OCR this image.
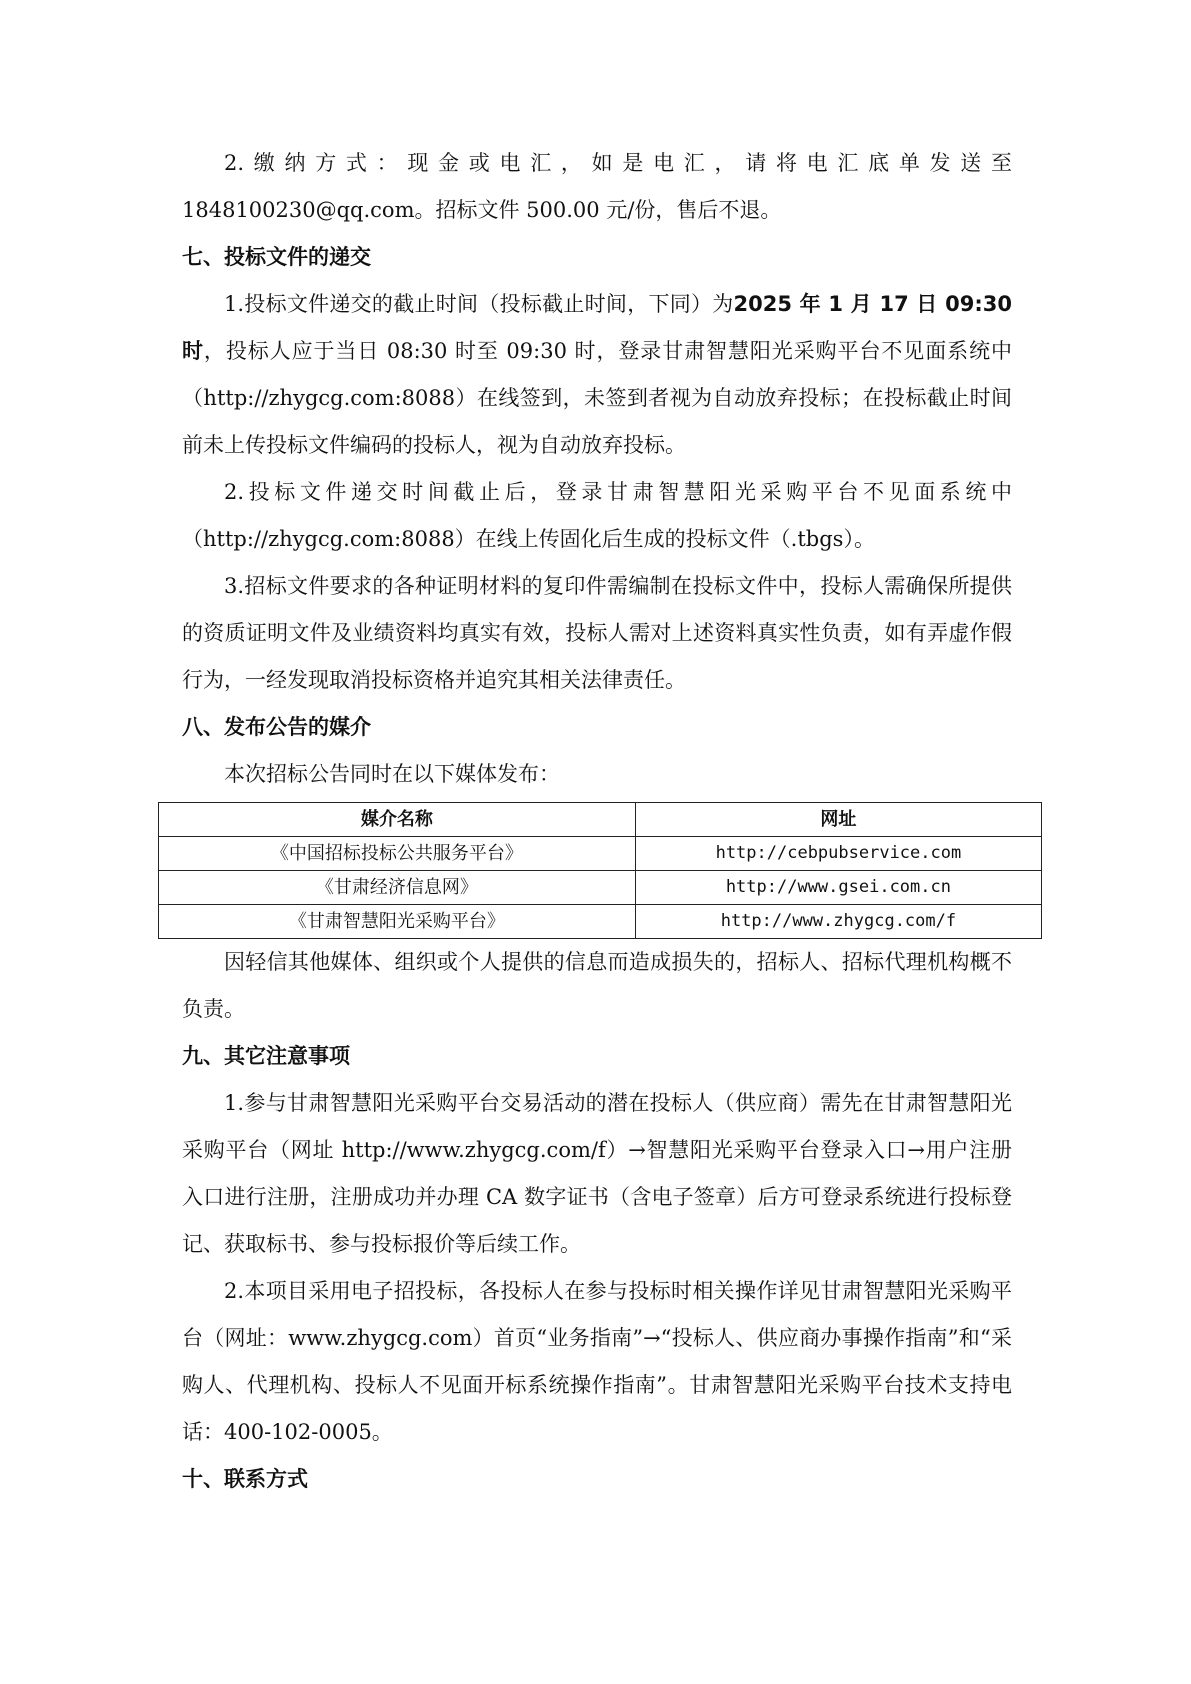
2.缴纳方式：现金或电汇，如是电汇，请将电汇底单发送至 1848100230@qq.com。招标文件 500.00 元/份，售后不退。

七、投标文件的递交

1.投标文件递交的截止时间（投标截止时间，下同）为2025 年 1 月 17 日 09:30 时，投标人应于当日 08:30 时至 09:30 时，登录甘肃智慧阳光采购平台不见面系统中（http://zhygcg.com:8088）在线签到，未签到者视为自动放弃投标；在投标截止时间前未上传投标文件编码的投标人，视为自动放弃投标。

2.投标文件递交时间截止后，登录甘肃智慧阳光采购平台不见面系统中（http://zhygcg.com:8088）在线上传固化后生成的投标文件（.tbgs）。

3.招标文件要求的各种证明材料的复印件需编制在投标文件中，投标人需确保所提供的资质证明文件及业绩资料均真实有效，投标人需对上述资料真实性负责，如有弄虚作假行为，一经发现取消投标资格并追究其相关法律责任。

八、发布公告的媒介

本次招标公告同时在以下媒体发布：

媒介名称	网址
《中国招标投标公共服务平台》	http://cebpubservice.com
《甘肃经济信息网》	http://www.gsei.com.cn
《甘肃智慧阳光采购平台》	http://www.zhygcg.com/f

因轻信其他媒体、组织或个人提供的信息而造成损失的，招标人、招标代理机构概不负责。

九、其它注意事项

1.参与甘肃智慧阳光采购平台交易活动的潜在投标人（供应商）需先在甘肃智慧阳光采购平台（网址 http://www.zhygcg.com/f）→智慧阳光采购平台登录入口→用户注册入口进行注册，注册成功并办理 CA 数字证书（含电子签章）后方可登录系统进行投标登记、获取标书、参与投标报价等后续工作。

2.本项目采用电子招投标，各投标人在参与投标时相关操作详见甘肃智慧阳光采购平台（网址：www.zhygcg.com）首页“业务指南”→“投标人、供应商办事操作指南”和“采购人、代理机构、投标人不见面开标系统操作指南”。甘肃智慧阳光采购平台技术支持电话：400-102-0005。

十、联系方式
